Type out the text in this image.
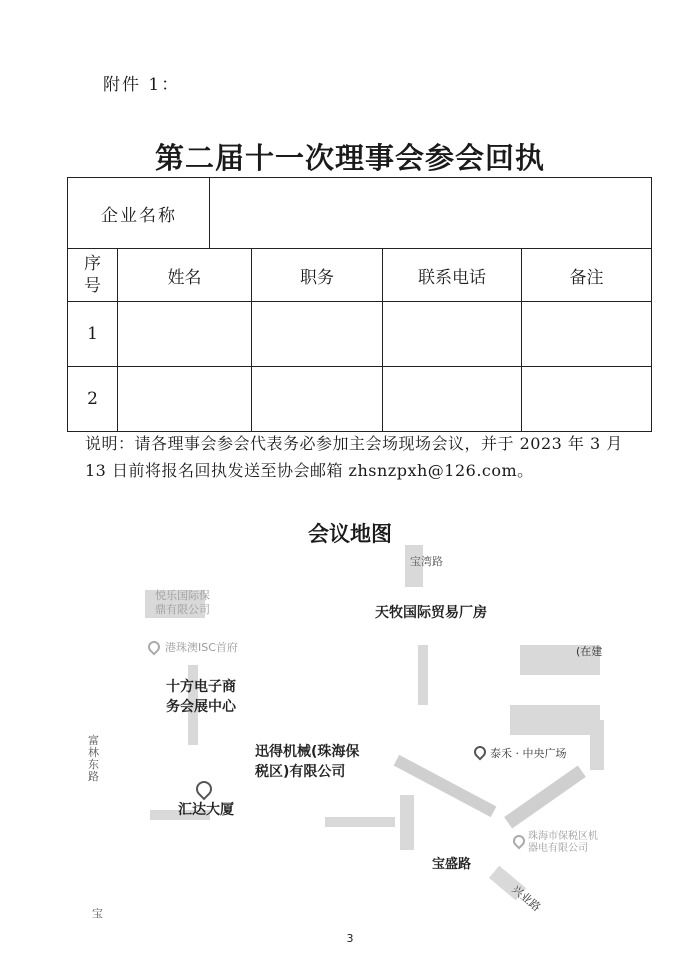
附件 1：
第二届十一次理事会参会回执
企业名称					
序号	姓名		职务	联系电话	备注
1					
2					
说明：请各理事会参会代表务必参加主会场现场会议，并于 2023 年 3 月 13 日前将报名回执发送至协会邮箱 zhsnzpxh@126.com。
会议地图
宝湾路
天牧国际贸易厂房
悦乐国际保
鼎有限公司
港珠澳ISC首府
十方电子商
务会展中心
迅得机械(珠海保
税区)有限公司
泰禾 · 中央广场
汇达大厦
富林东路
宝盛路
珠海市保税区机
器电有限公司
(在建
兴业路
宝
3
